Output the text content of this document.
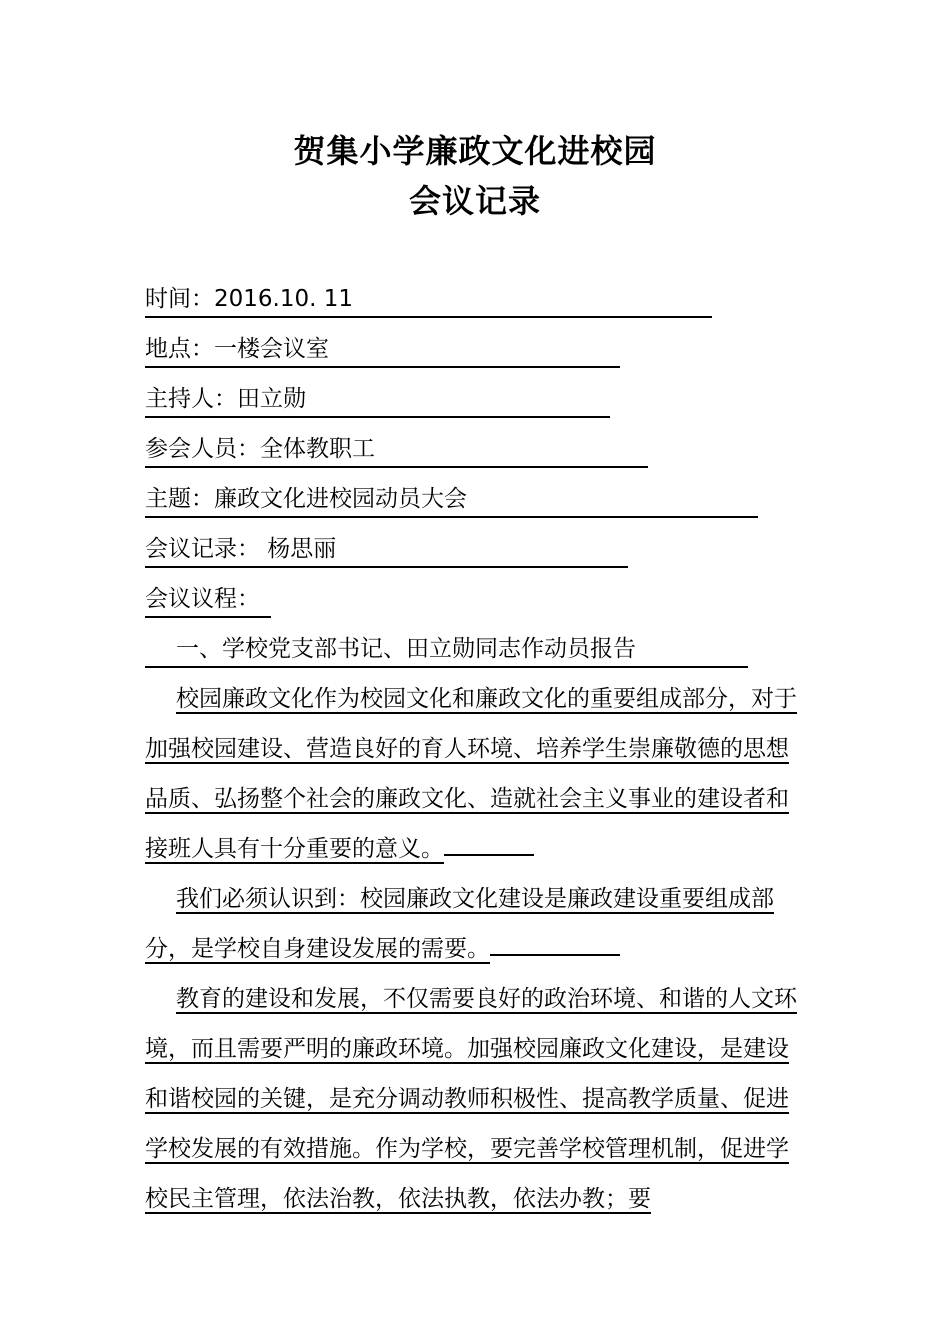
贺集小学廉政文化进校园
会议记录
时间：2016.10. 11
地点：一楼会议室
主持人：田立勋
参会人员：全体教职工
主题：廉政文化进校园动员大会
会议记录： 杨思丽
会议议程：
一、学校党支部书记、田立勋同志作动员报告
校园廉政文化作为校园文化和廉政文化的重要组成部分，对于加强校园建设、营造良好的育人环境、培养学生崇廉敬德的思想品质、弘扬整个社会的廉政文化、造就社会主义事业的建设者和接班人具有十分重要的意义。
我们必须认识到：校园廉政文化建设是廉政建设重要组成部分，是学校自身建设发展的需要。
教育的建设和发展，不仅需要良好的政治环境、和谐的人文环境，而且需要严明的廉政环境。加强校园廉政文化建设，是建设和谐校园的关键，是充分调动教师积极性、提高教学质量、促进学校发展的有效措施。作为学校，要完善学校管理机制，促进学校民主管理，依法治教，依法执教，依法办教；要
